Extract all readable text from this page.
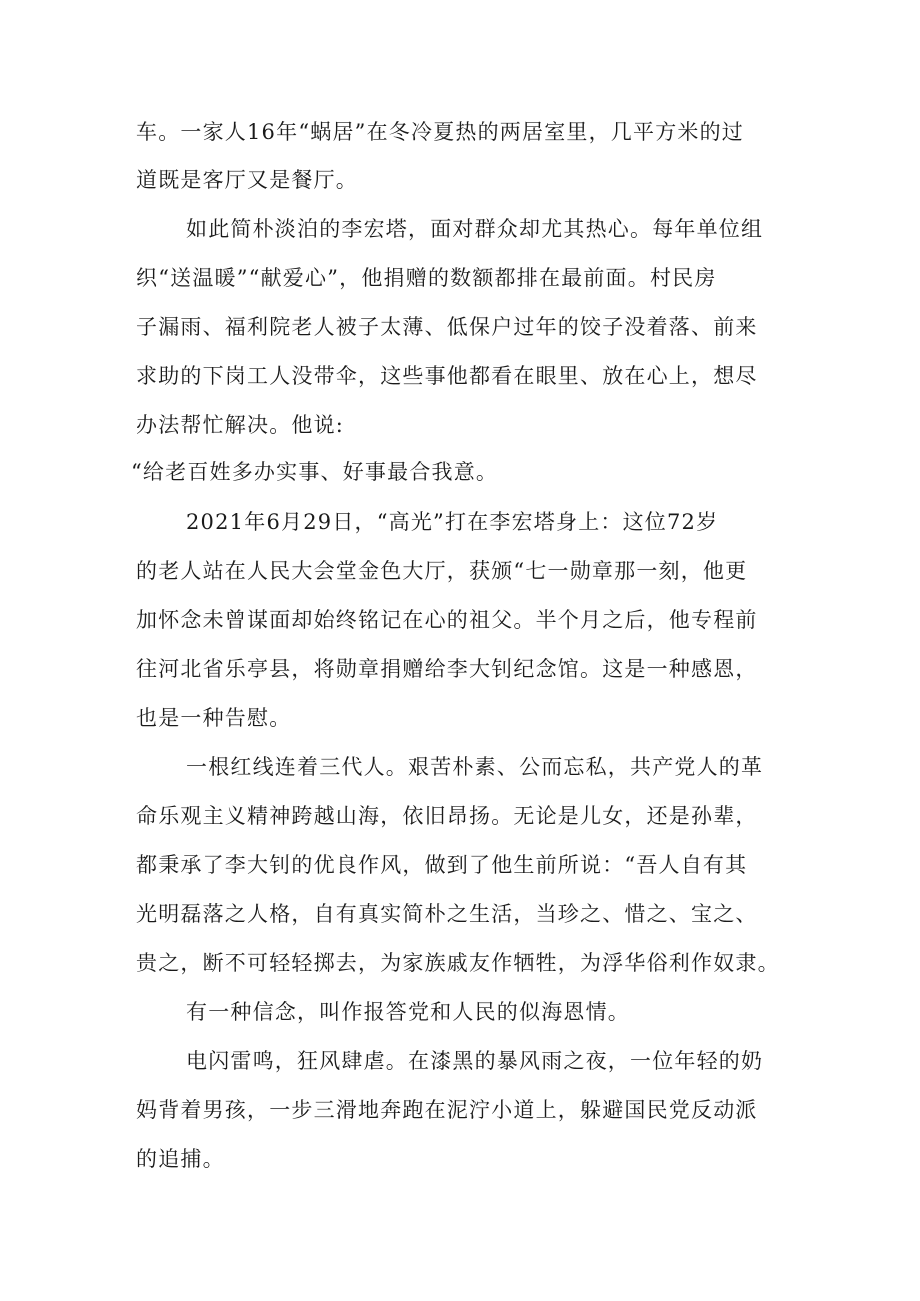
车。一家人16年“蜗居”在冬冷夏热的两居室里，几平方米的过
道既是客厅又是餐厅。
如此简朴淡泊的李宏塔，面对群众却尤其热心。每年单位组
织“送温暖”“献爱心”，他捐赠的数额都排在最前面。村民房
子漏雨、福利院老人被子太薄、低保户过年的饺子没着落、前来
求助的下岗工人没带伞，这些事他都看在眼里、放在心上，想尽
办法帮忙解决。他说:
“给老百姓多办实事、好事最合我意。
2021年6月29日，“高光”打在李宏塔身上：这位72岁
的老人站在人民大会堂金色大厅，获颁“七一勋章那一刻，他更
加怀念未曾谋面却始终铭记在心的祖父。半个月之后，他专程前
往河北省乐亭县，将勋章捐赠给李大钊纪念馆。这是一种感恩，
也是一种告慰。
一根红线连着三代人。艰苦朴素、公而忘私，共产党人的革
命乐观主义精神跨越山海，依旧昂扬。无论是儿女，还是孙辈，
都秉承了李大钊的优良作风，做到了他生前所说：“吾人自有其
光明磊落之人格，自有真实简朴之生活，当珍之、惜之、宝之、
贵之，断不可轻轻掷去，为家族戚友作牺牲，为浮华俗利作奴隶。
有一种信念，叫作报答党和人民的似海恩情。
电闪雷鸣，狂风肆虐。在漆黑的暴风雨之夜，一位年轻的奶
妈背着男孩，一步三滑地奔跑在泥泞小道上，躲避国民党反动派
的追捕。
